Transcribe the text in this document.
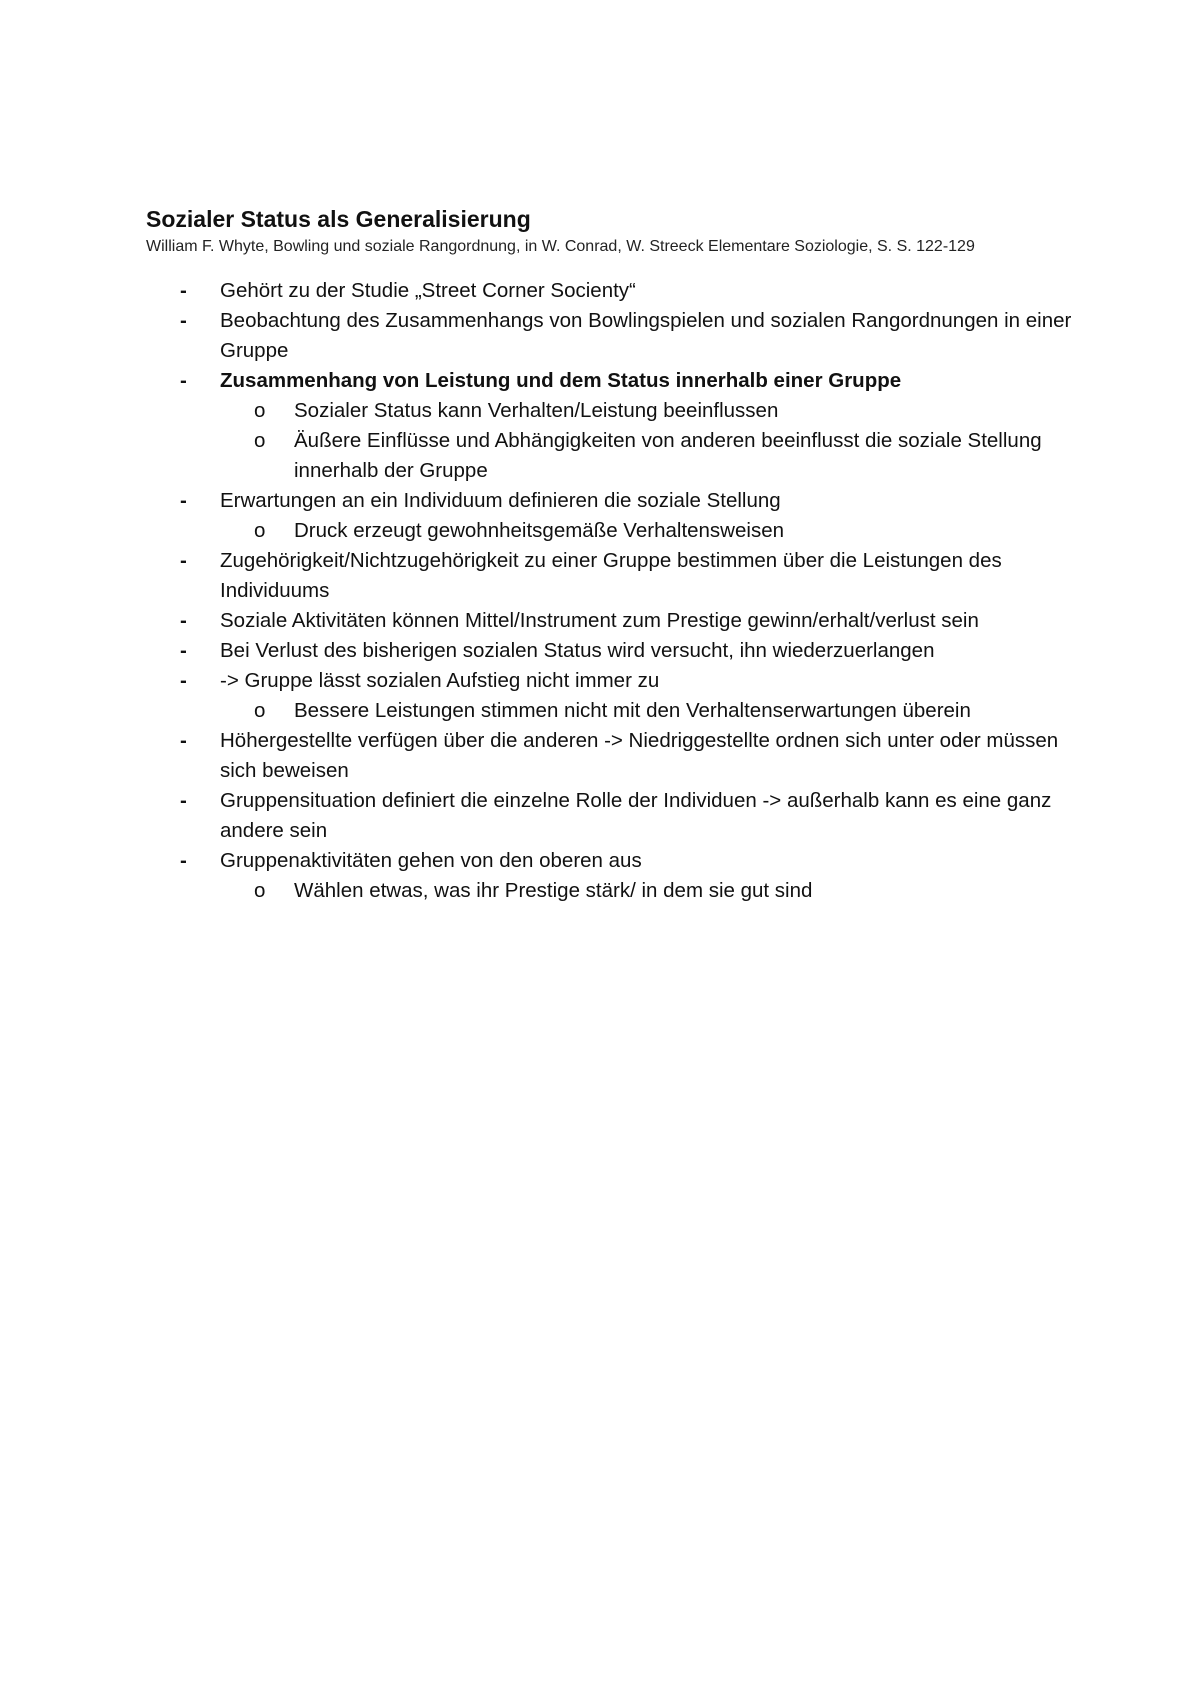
Sozialer Status als Generalisierung

William F. Whyte, Bowling und soziale Rangordnung, in W. Conrad, W. Streeck Elementare Soziologie, S. S. 122-129

- Gehört zu der Studie „Street Corner Socienty“
- Beobachtung des Zusammenhangs von Bowlingspielen und sozialen Rangordnungen in einer Gruppe
- Zusammenhang von Leistung und dem Status innerhalb einer Gruppe
o Sozialer Status kann Verhalten/Leistung beeinflussen
o Äußere Einflüsse und Abhängigkeiten von anderen beeinflusst die soziale Stellung innerhalb der Gruppe
- Erwartungen an ein Individuum definieren die soziale Stellung
o Druck erzeugt gewohnheitsgemäße Verhaltensweisen
- Zugehörigkeit/Nichtzugehörigkeit zu einer Gruppe bestimmen über die Leistungen des Individuums
- Soziale Aktivitäten können Mittel/Instrument zum Prestige gewinn/erhalt/verlust sein
- Bei Verlust des bisherigen sozialen Status wird versucht, ihn wiederzuerlangen
- -> Gruppe lässt sozialen Aufstieg nicht immer zu
o Bessere Leistungen stimmen nicht mit den Verhaltenserwartungen überein
- Höhergestellte verfügen über die anderen -> Niedriggestellte ordnen sich unter oder müssen sich beweisen
- Gruppensituation definiert die einzelne Rolle der Individuen -> außerhalb kann es eine ganz andere sein
- Gruppenaktivitäten gehen von den oberen aus
o Wählen etwas, was ihr Prestige stärk/ in dem sie gut sind
